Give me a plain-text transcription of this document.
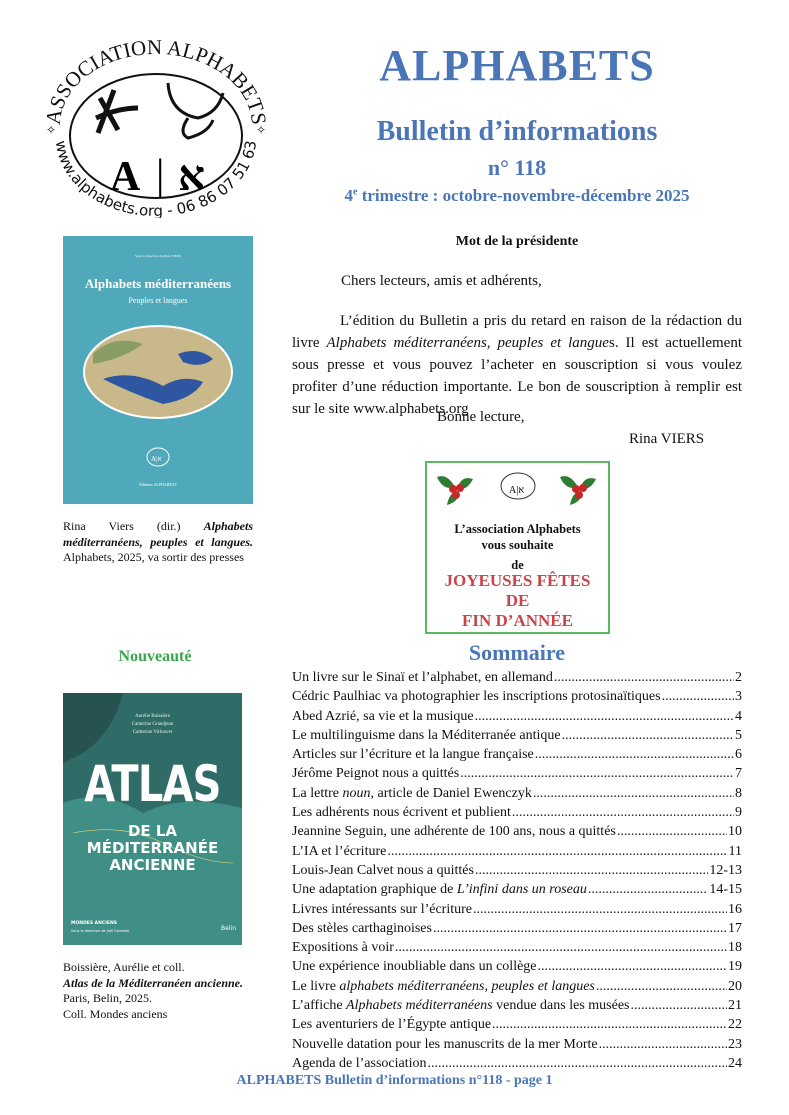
ASSOCIATION ALPHABETS
www.alphabets.org - 06 86 07 51 63
A | א
✧	✧
ALPHABETS
Bulletin d’informations
n° 118
4e trimestre : octobre-novembre-décembre 2025
Mot de la présidente
Chers lecteurs, amis et adhérents,
L’édition du Bulletin a pris du retard en raison de la rédaction du livre Alphabets méditerranéens, peuples et langues. Il est actuellement sous presse et vous pouvez l’acheter en souscription si vous voulez profiter d’une réduction importante. Le bon de souscription à remplir est sur le site www.alphabets.org
Bonne lecture,
Rina VIERS
A|א
L’association Alphabets
vous souhaite
de
JOYEUSES FÊTES
DE
FIN D’ANNÉE
Sommaire
Un livre sur le Sinaï et l’alphabet, en allemand .....	2
Cédric Paulhiac va photographier les inscriptions protosinaïtiques .....	3
Abed Azrié, sa vie et la musique .....	4
Le multilinguisme dans la Méditerranée antique .....	5
Articles sur l’écriture et la langue française .....	6
Jérôme Peignot nous a quittés .....	7
La lettre noun, article de Daniel Ewenczyk .....	8
Les adhérents nous écrivent et publient .....	9
Jeannine Seguin, une adhérente de 100 ans, nous a quittés .....	10
L’IA et l’écriture .....	11
Louis-Jean Calvet nous a quittés .....	12-13
Une adaptation graphique de L’infini dans un roseau .....	14-15
Livres intéressants sur l’écriture .....	16
Des stèles carthaginoises .....	17
Expositions à voir .....	18
Une expérience inoubliable dans un collège .....	19
Le livre alphabets méditerranéens, peuples et langues .....	20
L’affiche Alphabets méditerranéens vendue dans les musées .....	21
Les aventuriers de l’Égypte antique .....	22
Nouvelle datation pour les manuscrits de la mer Morte .....	23
Agenda de l’association .....	24
Sous la direction de Rina VIERS
Alphabets méditerranéens
Peuples et langues
A|א
Éditions ALPHABETS
Rina Viers (dir.) Alphabets méditerranéens, peuples et langues. Alphabets, 2025, va sortir des presses
Nouveauté
Aurélie Boissière
Catherine Grandjean
Catherine Virlouvet
ATLAS
DE LA MÉDITERRANÉE
ANCIENNE
MONDES ANCIENS
Sous la direction de Joël Cornette	Belin
Boissière, Aurélie et coll.
Atlas de la Méditerranéen ancienne.
Paris, Belin, 2025.
Coll. Mondes anciens
ALPHABETS Bulletin d’informations n°118 - page 1
